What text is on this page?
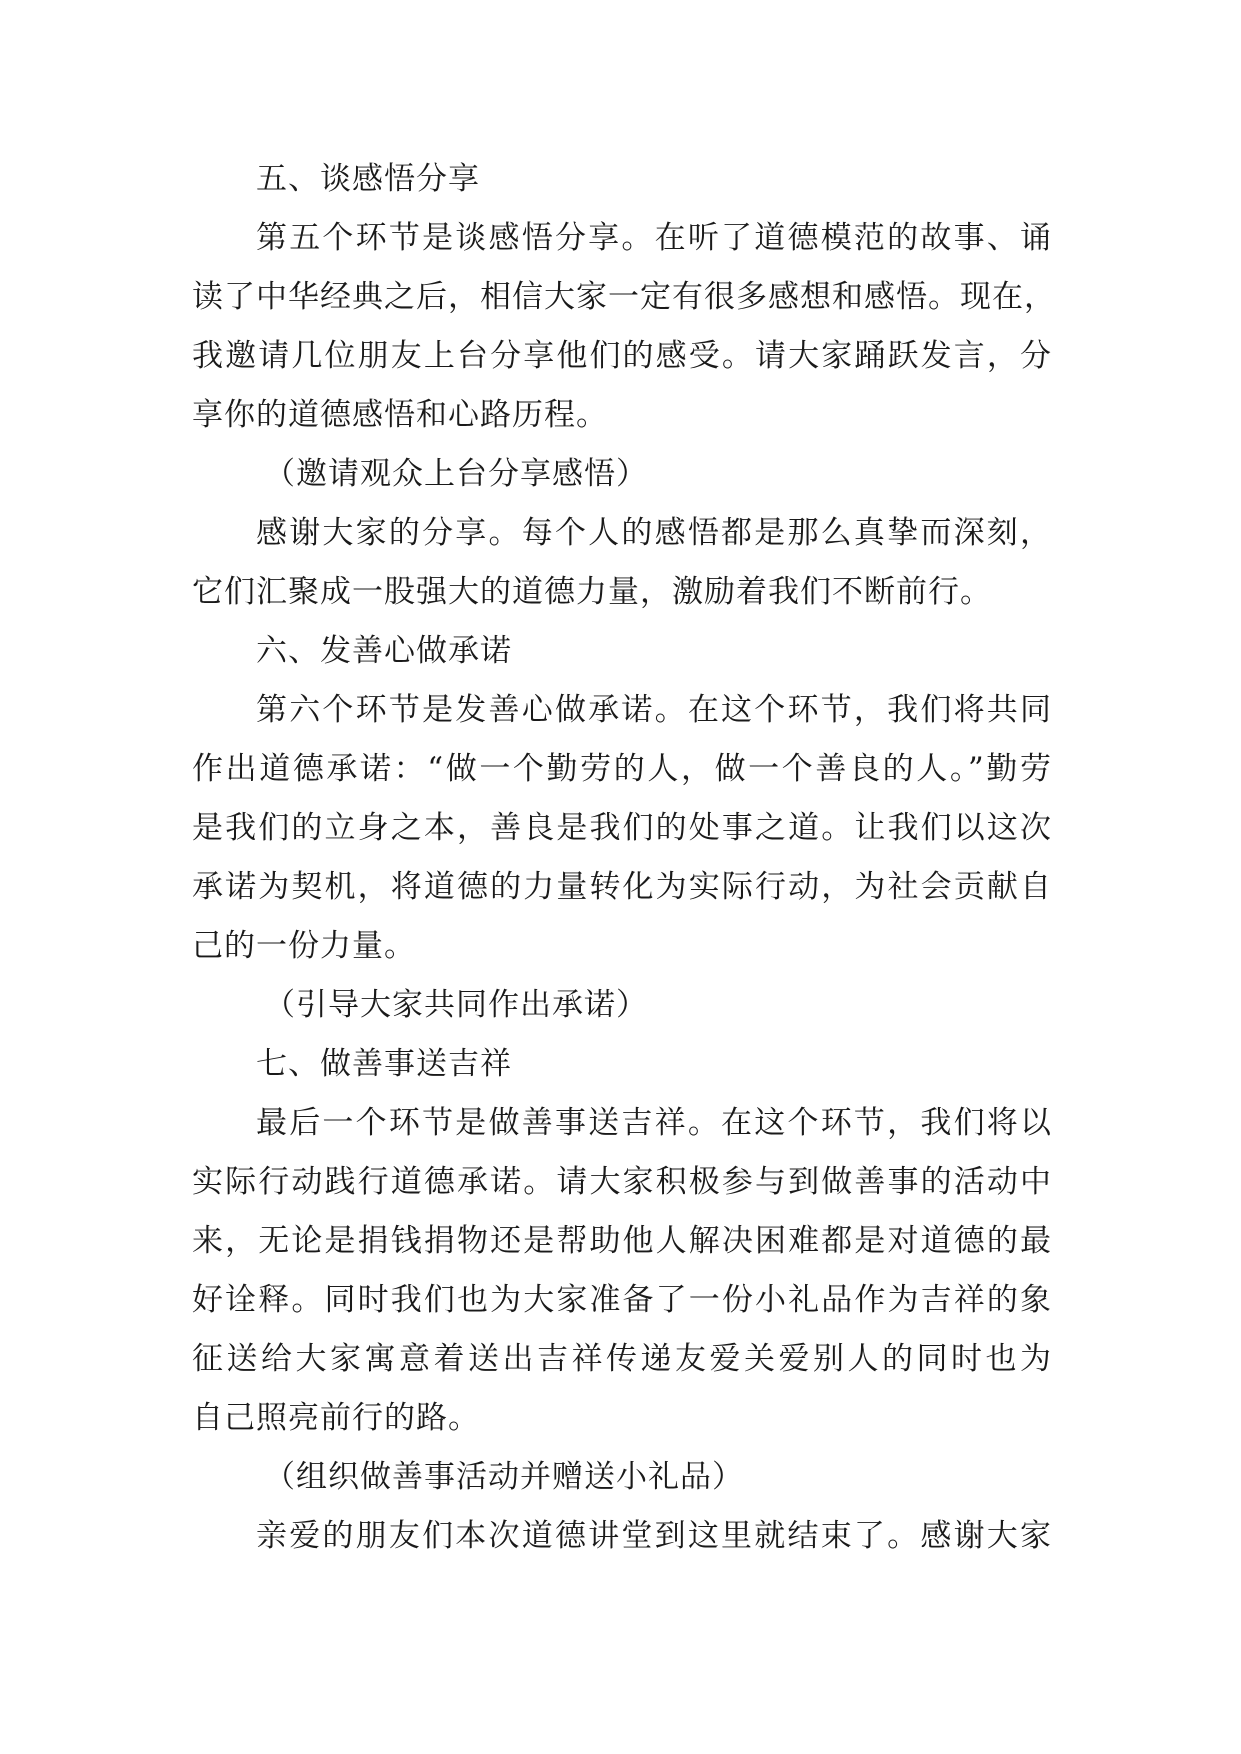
五、谈感悟分享
第五个环节是谈感悟分享。在听了道德模范的故事、诵
读了中华经典之后，相信大家一定有很多感想和感悟。现在，
我邀请几位朋友上台分享他们的感受。请大家踊跃发言，分
享你的道德感悟和心路历程。
（邀请观众上台分享感悟）
感谢大家的分享。每个人的感悟都是那么真挚而深刻，
它们汇聚成一股强大的道德力量，激励着我们不断前行。
六、发善心做承诺
第六个环节是发善心做承诺。在这个环节，我们将共同
作出道德承诺：“做一个勤劳的人，做一个善良的人。”勤劳
是我们的立身之本，善良是我们的处事之道。让我们以这次
承诺为契机，将道德的力量转化为实际行动，为社会贡献自
己的一份力量。
（引导大家共同作出承诺）
七、做善事送吉祥
最后一个环节是做善事送吉祥。在这个环节，我们将以
实际行动践行道德承诺。请大家积极参与到做善事的活动中
来，无论是捐钱捐物还是帮助他人解决困难都是对道德的最
好诠释。同时我们也为大家准备了一份小礼品作为吉祥的象
征送给大家寓意着送出吉祥传递友爱关爱别人的同时也为
自己照亮前行的路。
（组织做善事活动并赠送小礼品）
亲爱的朋友们本次道德讲堂到这里就结束了。感谢大家
